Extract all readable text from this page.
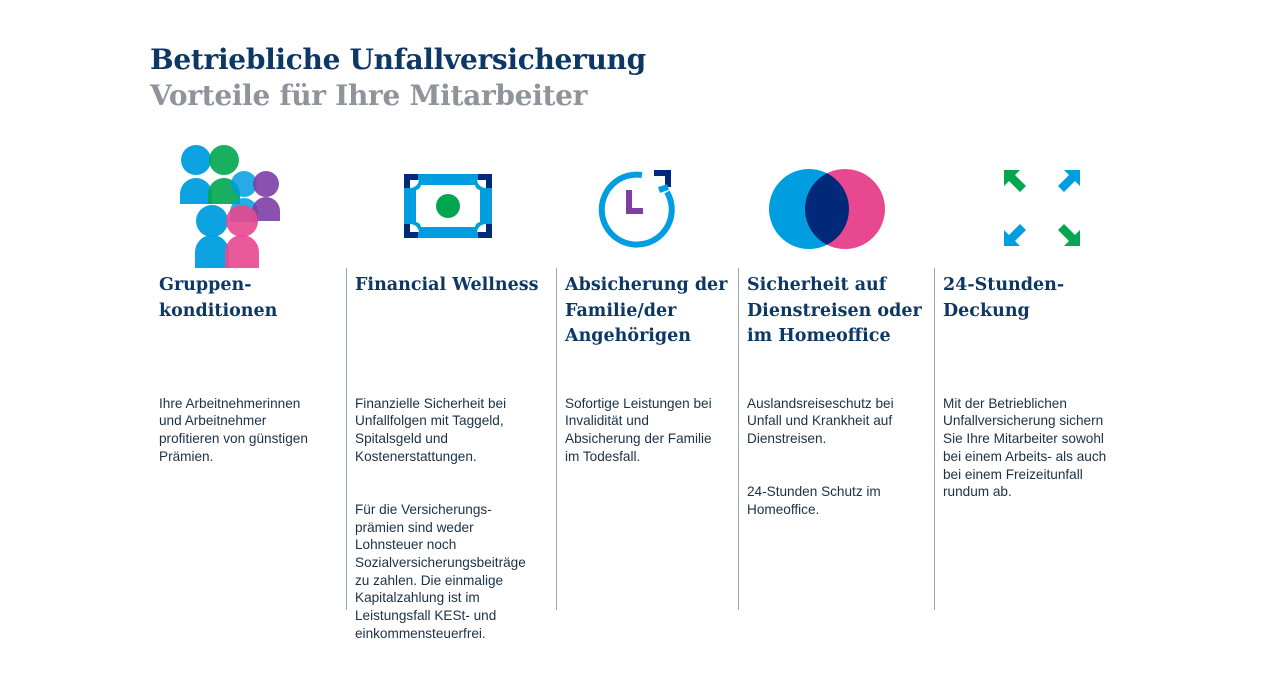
Betriebliche Unfallversicherung
Vorteile für Ihre Mitarbeiter
Gruppen-
konditionen

Ihre Arbeitnehmerinnen
und Arbeitnehmer
profitieren von günstigen
Prämien.

Financial Wellness

Finanzielle Sicherheit bei
Unfallfolgen mit Taggeld,
Spitalsgeld und
Kostenerstattungen.

Für die Versicherungs-
prämien sind weder
Lohnsteuer noch
Sozialversicherungsbeiträge
zu zahlen. Die einmalige
Kapitalzahlung ist im
Leistungsfall KESt- und
einkommensteuerfrei.

Absicherung der
Familie/der
Angehörigen

Sofortige Leistungen bei
Invalidität und
Absicherung der Familie
im Todesfall.

Sicherheit auf
Dienstreisen oder
im Homeoffice

Auslandsreiseschutz bei
Unfall und Krankheit auf
Dienstreisen.

24-Stunden Schutz im
Homeoffice.

24-Stunden-
Deckung

Mit der Betrieblichen
Unfallversicherung sichern
Sie Ihre Mitarbeiter sowohl
bei einem Arbeits- als auch
bei einem Freizeitunfall
rundum ab.
